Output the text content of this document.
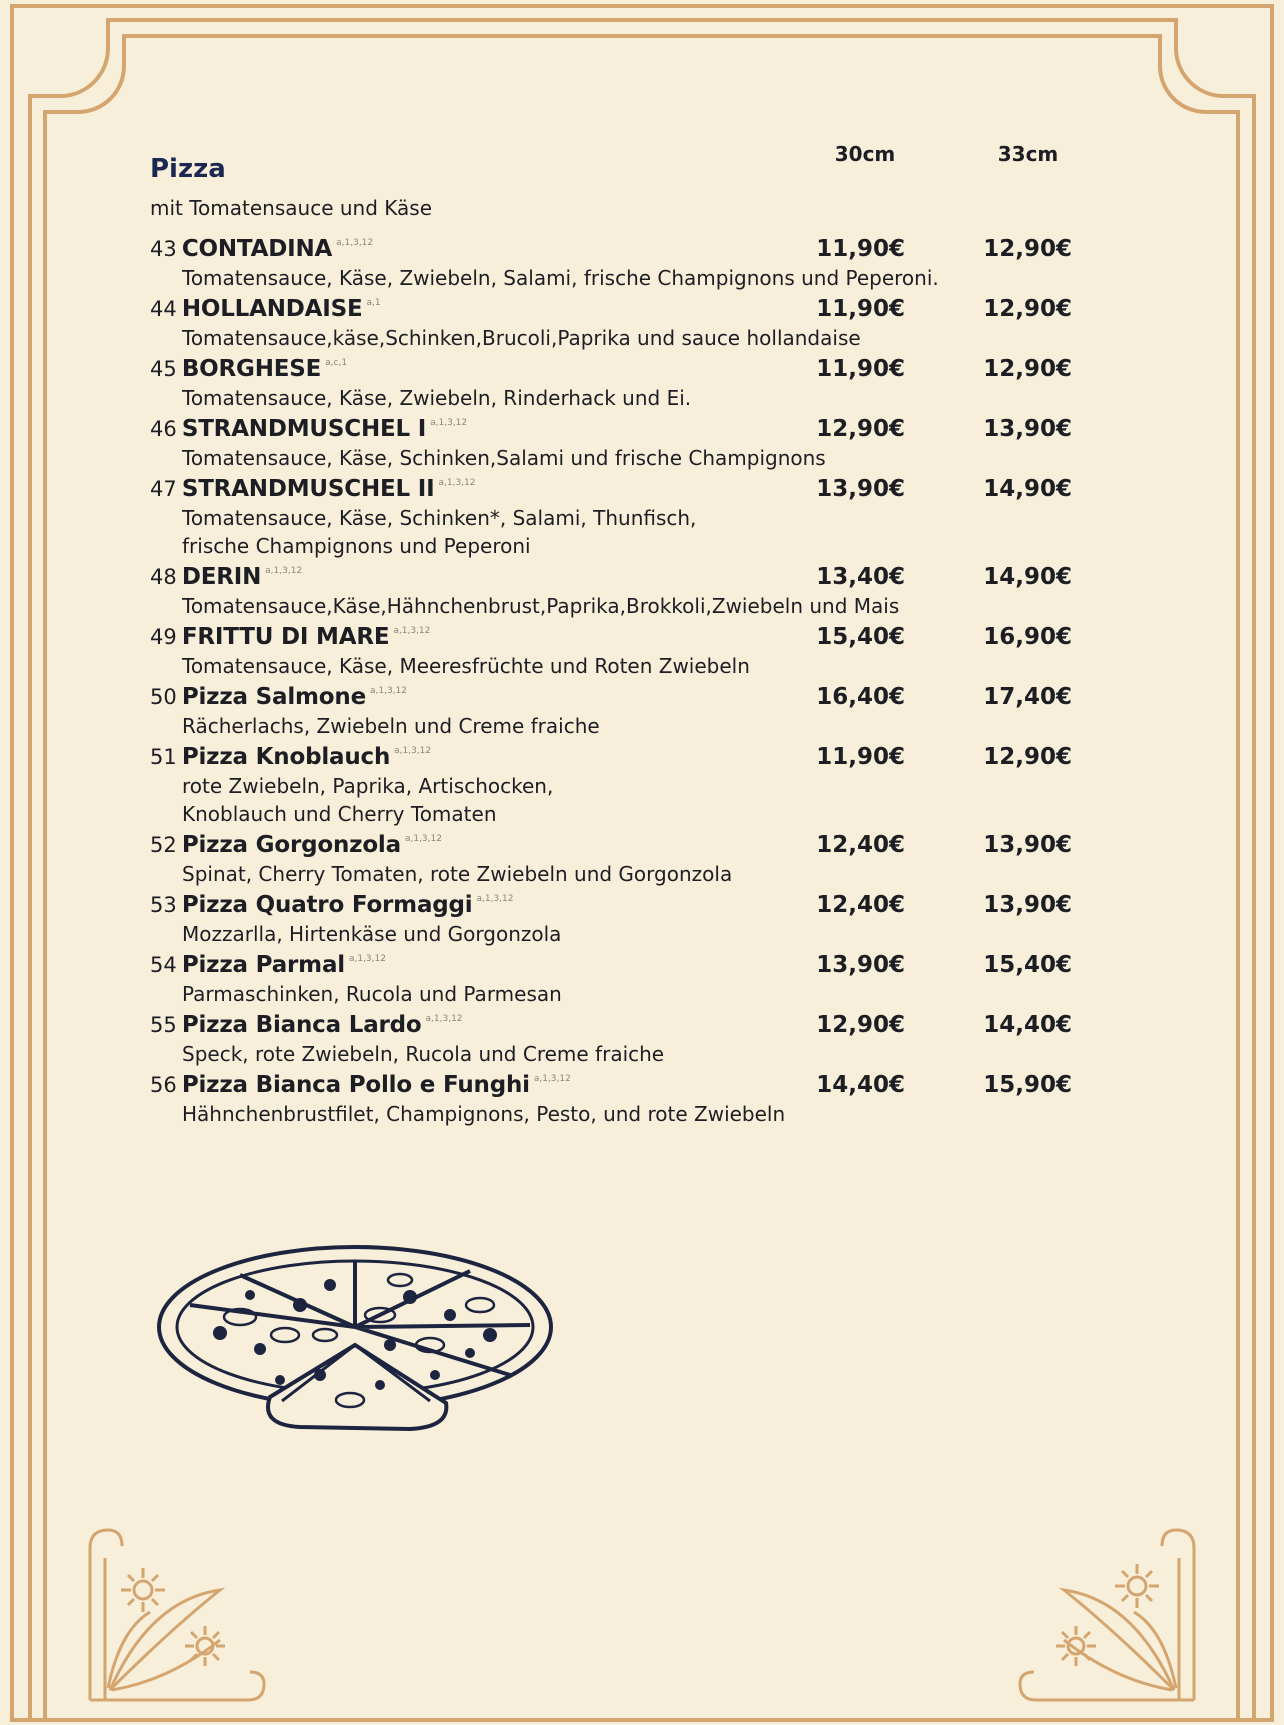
30cm	33cm
Pizza
mit Tomatensauce und Käse
43 CONTADINA $^{a,1,3,12}$	11,90€	12,90€
Tomatensauce, Käse, Zwiebeln, Salami, frische Champignons und Peperoni.
44 HOLLANDAISE $^{a,1}$	11,90€	12,90€
Tomatensauce,käse,Schinken,Brucoli,Paprika und sauce hollandaise
45 BORGHESE $^{a,c,1}$	11,90€	12,90€
Tomatensauce, Käse, Zwiebeln, Rinderhack und Ei.
46 STRANDMUSCHEL I $^{a,1,3,12}$	12,90€	13,90€
Tomatensauce, Käse, Schinken,Salami und frische Champignons
47 STRANDMUSCHEL II $^{a,1,3,12}$	13,90€	14,90€
Tomatensauce, Käse, Schinken*, Salami, Thunfisch,
frische Champignons und Peperoni
48 DERIN $^{a,1,3,12}$	13,40€	14,90€
Tomatensauce,Käse,Hähnchenbrust,Paprika,Brokkoli,Zwiebeln und Mais
49 FRITTU DI MARE $^{a,1,3,12}$	15,40€	16,90€
Tomatensauce, Käse, Meeresfrüchte und Roten Zwiebeln
50 Pizza Salmone $^{a,1,3,12}$	16,40€	17,40€
Rächerlachs, Zwiebeln und Creme fraiche
51 Pizza Knoblauch $^{a,1,3,12}$	11,90€	12,90€
rote Zwiebeln, Paprika, Artischocken,
Knoblauch und Cherry Tomaten
52 Pizza Gorgonzola $^{a,1,3,12}$	12,40€	13,90€
Spinat, Cherry Tomaten, rote Zwiebeln und Gorgonzola
53 Pizza Quatro Formaggi $^{a,1,3,12}$	12,40€	13,90€
Mozzarlla, Hirtenkäse und Gorgonzola
54 Pizza Parmal $^{a,1,3,12}$	13,90€	15,40€
Parmaschinken, Rucola und Parmesan
55 Pizza Bianca Lardo $^{a,1,3,12}$	12,90€	14,40€
Speck, rote Zwiebeln, Rucola und Creme fraiche
56 Pizza Bianca Pollo e Funghi $^{a,1,3,12}$	14,40€	15,90€
Hähnchenbrustfilet, Champignons, Pesto, und rote Zwiebeln
